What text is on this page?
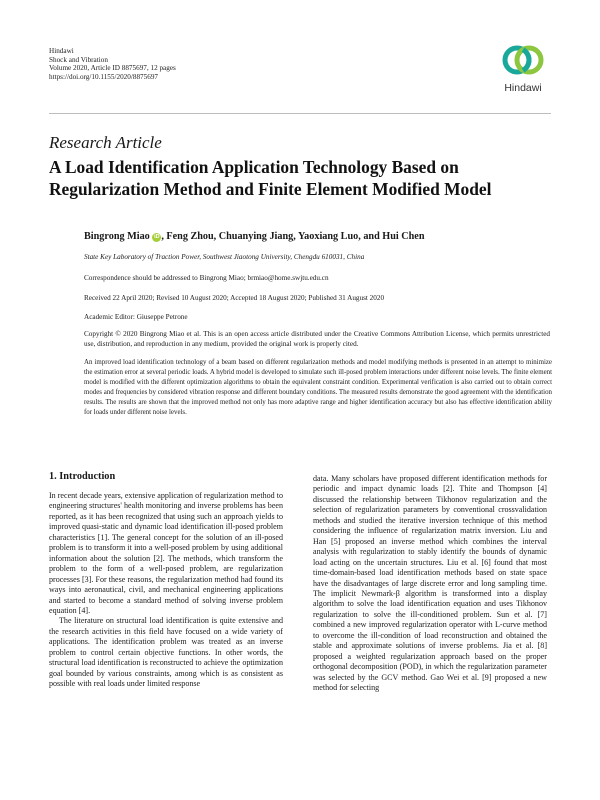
Hindawi
Shock and Vibration
Volume 2020, Article ID 8875697, 12 pages
https://doi.org/10.1155/2020/8875697
Hindawi
Research Article
A Load Identification Application Technology Based on Regularization Method and Finite Element Modified Model
Bingrong Miao iD , Feng Zhou, Chuanying Jiang, Yaoxiang Luo, and Hui Chen
State Key Laboratory of Traction Power, Southwest Jiaotong University, Chengdu 610031, China
Correspondence should be addressed to Bingrong Miao; brmiao@home.swjtu.edu.cn
Received 22 April 2020; Revised 10 August 2020; Accepted 18 August 2020; Published 31 August 2020
Academic Editor: Giuseppe Petrone
Copyright © 2020 Bingrong Miao et al. This is an open access article distributed under the Creative Commons Attribution License, which permits unrestricted use, distribution, and reproduction in any medium, provided the original work is properly cited.
An improved load identification technology of a beam based on different regularization methods and model modifying methods is presented in an attempt to minimize the estimation error at several periodic loads. A hybrid model is developed to simulate such ill-posed problem interactions under different noise levels. The finite element model is modified with the different optimization algorithms to obtain the equivalent constraint condition. Experimental verification is also carried out to obtain correct modes and frequencies by considered vibration response and different boundary conditions. The measured results demonstrate the good agreement with the identification results. The results are shown that the improved method not only has more adaptive range and higher identification accuracy but also has effective identification ability for loads under different noise levels.
1. Introduction

In recent decade years, extensive application of regularization method to engineering structures' health monitoring and inverse problems has been reported, as it has been recognized that using such an approach yields to improved quasi-static and dynamic load identification ill-posed problem characteristics [1]. The general concept for the solution of an ill-posed problem is to transform it into a well-posed problem by using additional information about the solution [2]. The methods, which transform the problem to the form of a well-posed problem, are regularization processes [3]. For these reasons, the regularization method had found its ways into aeronautical, civil, and mechanical engineering applications and started to become a standard method of solving inverse problem equation [4].

The literature on structural load identification is quite extensive and the research activities in this field have focused on a wide variety of applications. The identification problem was treated as an inverse problem to control certain objective functions. In other words, the structural load identification is reconstructed to achieve the optimization goal bounded by various constraints, among which is as consistent as possible with real loads under limited response

data. Many scholars have proposed different identification methods for periodic and impact dynamic loads [2]. Thite and Thompson [4] discussed the relationship between Tikhonov regularization and the selection of regularization parameters by conventional crossvalidation methods and studied the iterative inversion technique of this method considering the influence of regularization matrix inversion. Liu and Han [5] proposed an inverse method which combines the interval analysis with regularization to stably identify the bounds of dynamic load acting on the uncertain structures. Liu et al. [6] found that most time-domain-based load identification methods based on state space have the disadvantages of large discrete error and long sampling time. The implicit Newmark-β algorithm is transformed into a display algorithm to solve the load identification equation and uses Tikhonov regularization to solve the ill-conditioned problem. Sun et al. [7] combined a new improved regularization operator with L-curve method to overcome the ill-condition of load reconstruction and obtained the stable and approximate solutions of inverse problems. Jia et al. [8] proposed a weighted regularization approach based on the proper orthogonal decomposition (POD), in which the regularization parameter was selected by the GCV method. Gao Wei et al. [9] proposed a new method for selecting
